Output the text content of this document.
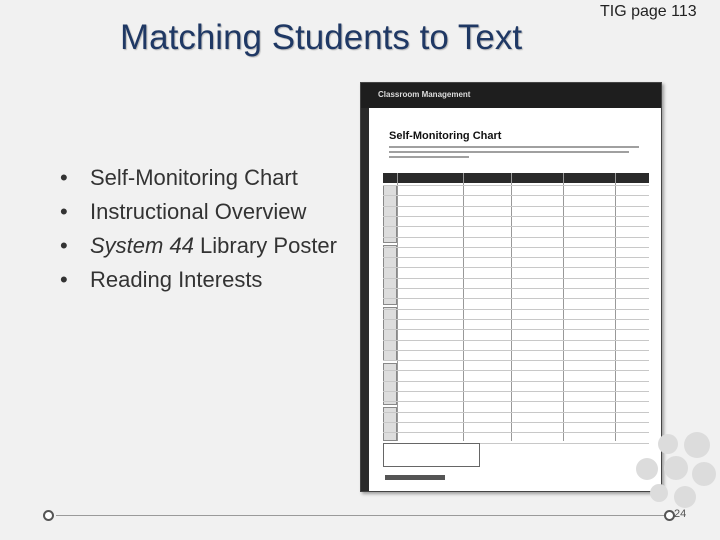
Matching Students to Text
TIG page 113
• Self-Monitoring Chart
• Instructional Overview
• System 44 Library Poster
• Reading Interests
Classroom Management
Self-Monitoring Chart
24
